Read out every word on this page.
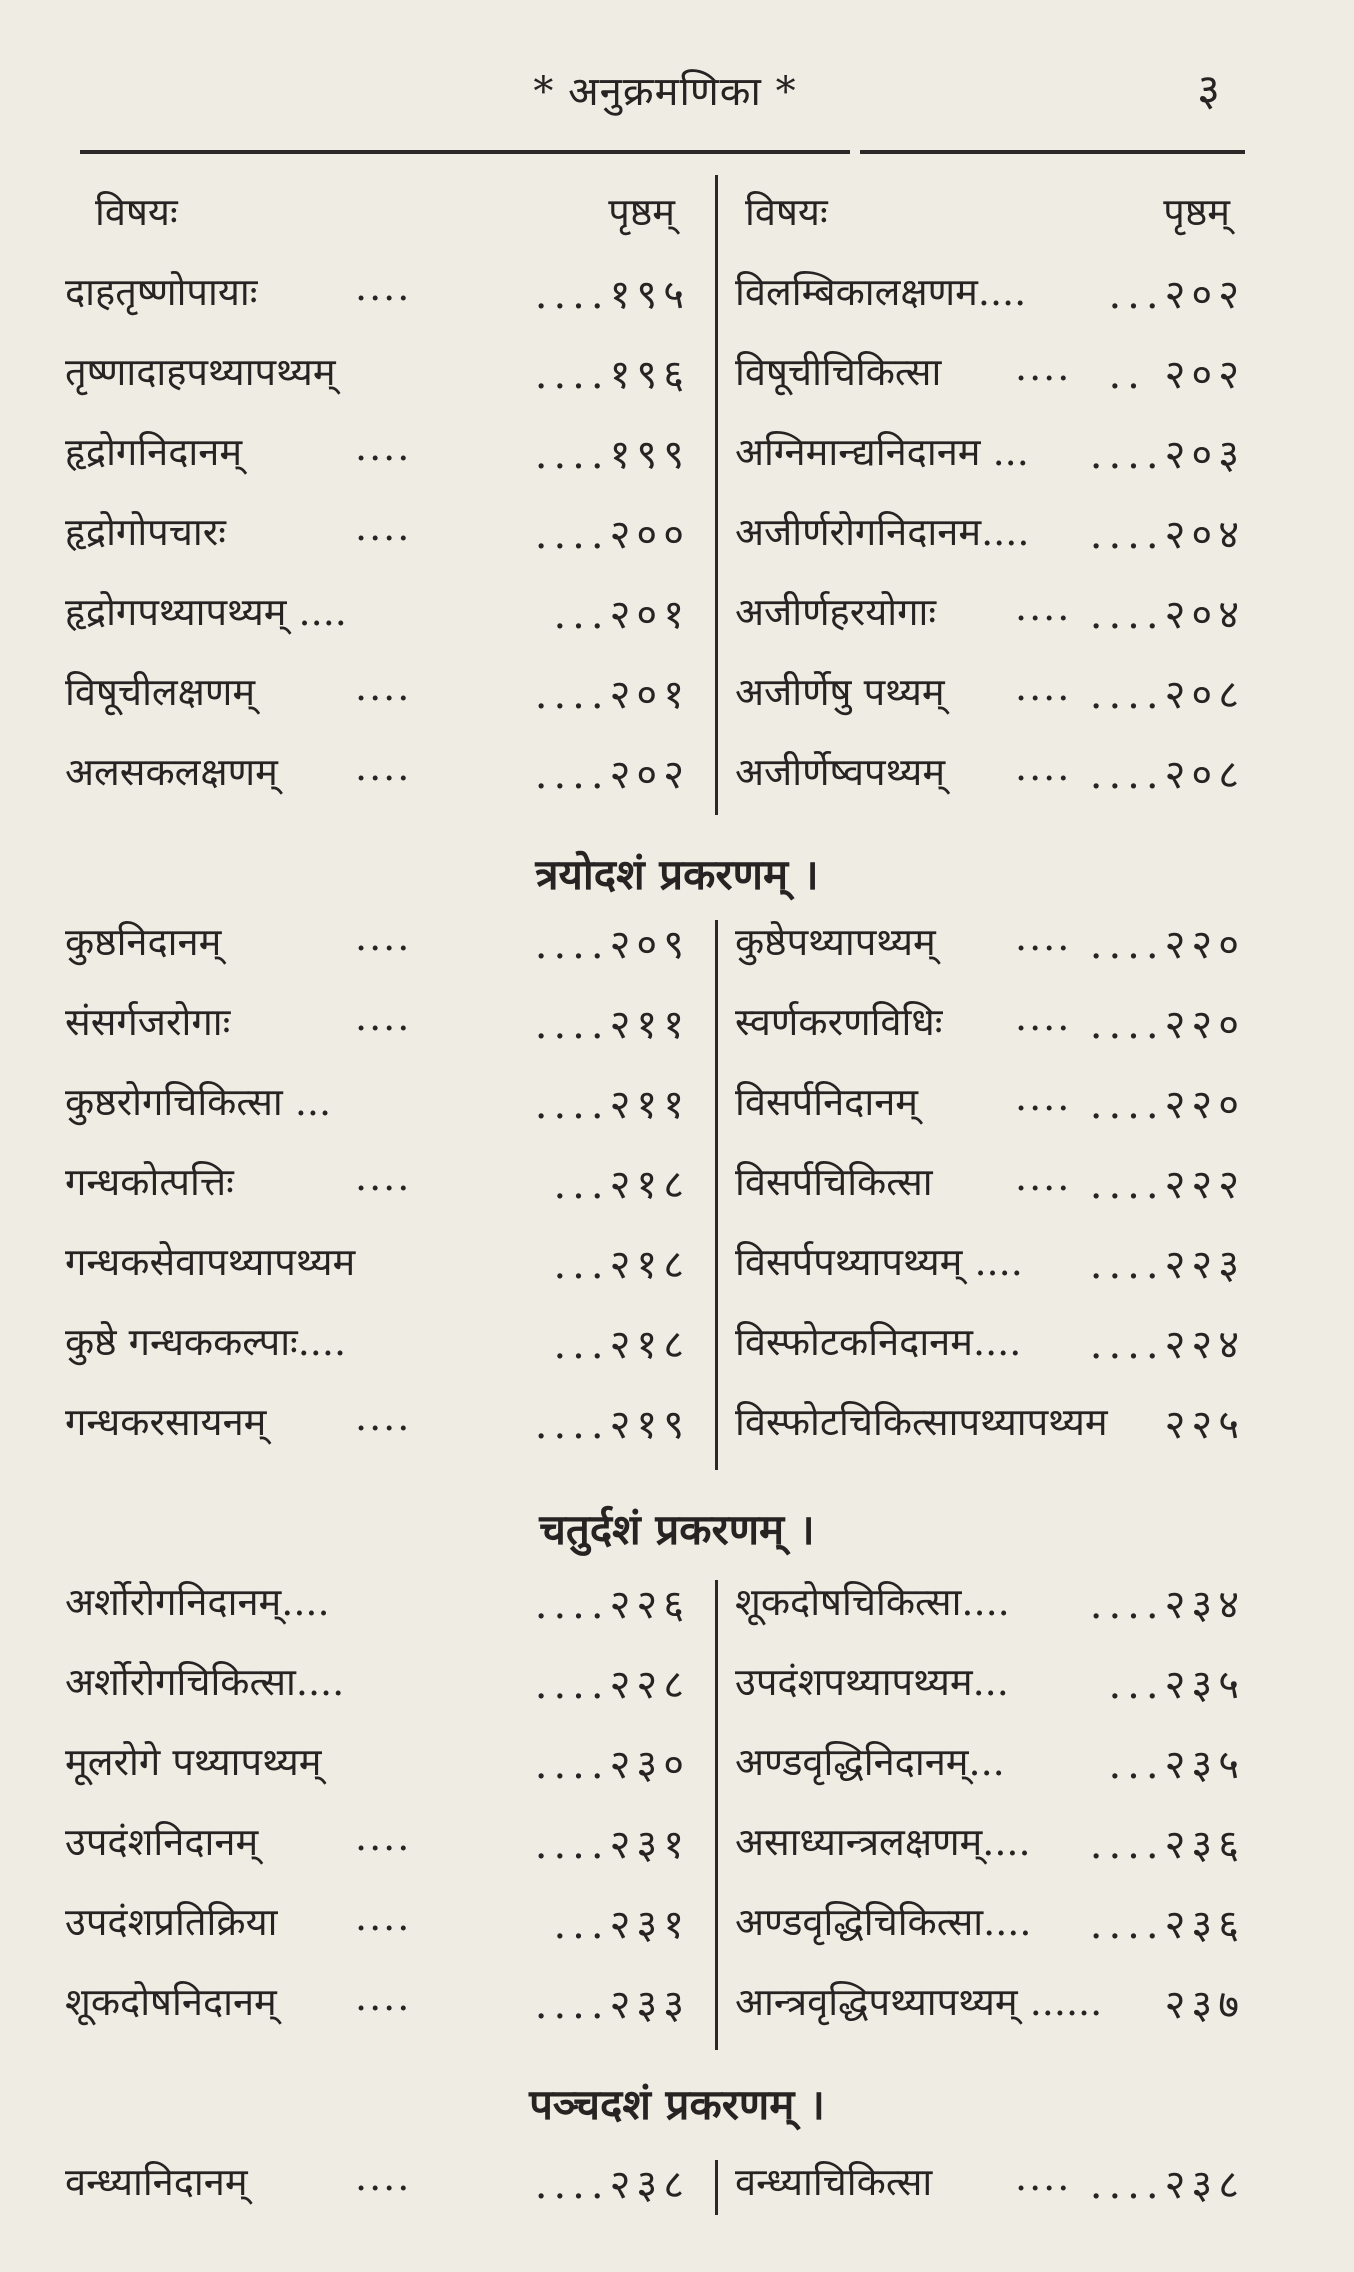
* अनुक्रमणिका *	३
विषयः	पृष्ठम् विषयः	पृष्ठम्
दाहतृष्णोपायाः	....	....१९५ विलम्बिकालक्षणम.... ...२०२
तृष्णादाहपथ्यापथ्यम्	....१९६ विषूचीचिकित्सा .... .. २०२
हृद्रोगनिदानम्	....	....१९९ अग्निमान्द्यनिदानम ... ....२०३
हृद्रोगोपचारः	....	....२०० अजीर्णरोगनिदानम.... ....२०४
हृद्रोगपथ्यापथ्यम् ....	...२०१ अजीर्णहरयोगाः .... ....२०४
विषूचीलक्षणम्	....	....२०१ अजीर्णेषु पथ्यम् .... ....२०८
अलसकलक्षणम् ....	....२०२ अजीर्णेष्वपथ्यम् .... ....२०८
त्रयोदशं प्रकरणम् ।
कुष्ठनिदानम्	....	....२०९ कुष्ठेपथ्यापथ्यम् .... ....२२०
संसर्गजरोगाः	....	....२११ स्वर्णकरणविधिः .... ....२२०
कुष्ठरोगचिकित्सा ...	....२११ विसर्पनिदानम्	.... ....२२०
गन्धकोत्पत्तिः	....	...२१८ विसर्पचिकित्सा .... ....२२२
गन्धकसेवापथ्यापथ्यम	...२१८ विसर्पपथ्यापथ्यम् .... ....२२३
कुष्ठे गन्धककल्पाः....	...२१८ विस्फोटकनिदानम.... ....२२४
गन्धकरसायनम् ....	....२१९ विस्फोटचिकित्सापथ्यापथ्यम २२५
चतुर्दशं प्रकरणम् ।
अर्शोरोगनिदानम्....	....२२६ शूकदोषचिकित्सा.... ....२३४
अर्शोरोगचिकित्सा....	....२२८ उपदंशपथ्यापथ्यम... ...२३५
मूलरोगे पथ्यापथ्यम्	....२३० अण्डवृद्धिनिदानम्...	...२३५
उपदंशनिदानम्	....	....२३१ असाध्यान्त्रलक्षणम्.... ....२३६
उपदंशप्रतिक्रिया ....	...२३१ अण्डवृद्धिचिकित्सा.... ....२३६
शूकदोषनिदानम् ....	....२३३ आन्त्रवृद्धिपथ्यापथ्यम् ...... २३७
पञ्चदशं प्रकरणम् ।
वन्ध्यानिदानम्	....	....२३८ वन्ध्याचिकित्सा .... ....२३८
